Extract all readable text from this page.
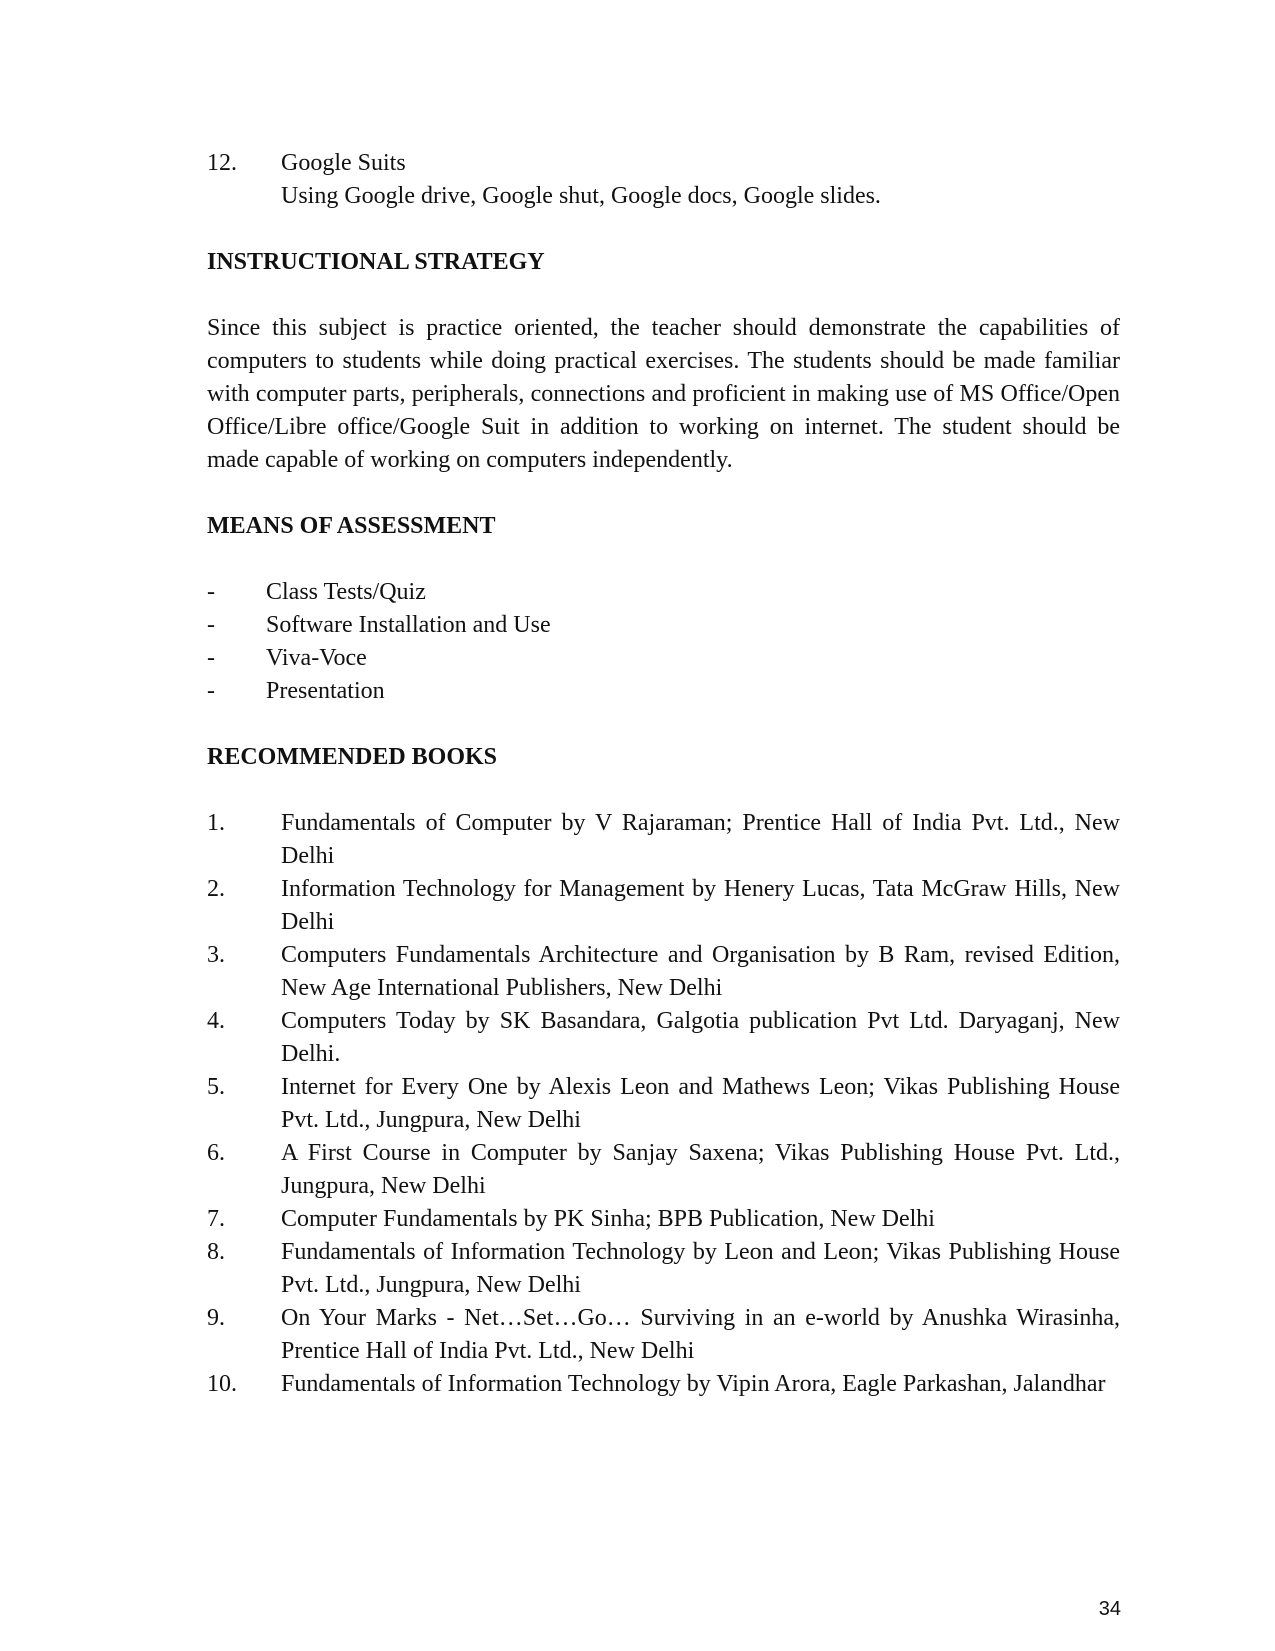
12.	Google Suits
Using Google drive, Google shut, Google docs, Google slides.
INSTRUCTIONAL STRATEGY
Since this subject is practice oriented, the teacher should demonstrate the capabilities of computers to students while doing practical exercises. The students should be made familiar with computer parts, peripherals, connections and proficient in making use of MS Office/Open Office/Libre office/Google Suit in addition to working on internet. The student should be made capable of working on computers independently.
MEANS OF ASSESSMENT
-	Class Tests/Quiz
-	Software Installation and Use
-	Viva-Voce
-	Presentation
RECOMMENDED BOOKS
1.	Fundamentals of Computer by V Rajaraman; Prentice Hall of India Pvt. Ltd., New Delhi
2.	Information Technology for Management by Henery Lucas, Tata McGraw Hills, New Delhi
3.	Computers Fundamentals Architecture and Organisation by B Ram, revised Edition, New Age International Publishers, New Delhi
4.	Computers Today by SK Basandara, Galgotia publication Pvt Ltd. Daryaganj, New Delhi.
5.	Internet for Every One by Alexis Leon and Mathews Leon; Vikas Publishing House Pvt. Ltd., Jungpura, New Delhi
6.	A First Course in Computer by Sanjay Saxena; Vikas Publishing House Pvt. Ltd., Jungpura, New Delhi
7.	Computer Fundamentals by PK Sinha; BPB Publication, New Delhi
8.	Fundamentals of Information Technology by Leon and Leon; Vikas Publishing House Pvt. Ltd., Jungpura, New Delhi
9.	On Your Marks - Net…Set…Go… Surviving in an e-world by Anushka Wirasinha, Prentice Hall of India Pvt. Ltd., New Delhi
10.	Fundamentals of Information Technology by Vipin Arora, Eagle Parkashan, Jalandhar
34
